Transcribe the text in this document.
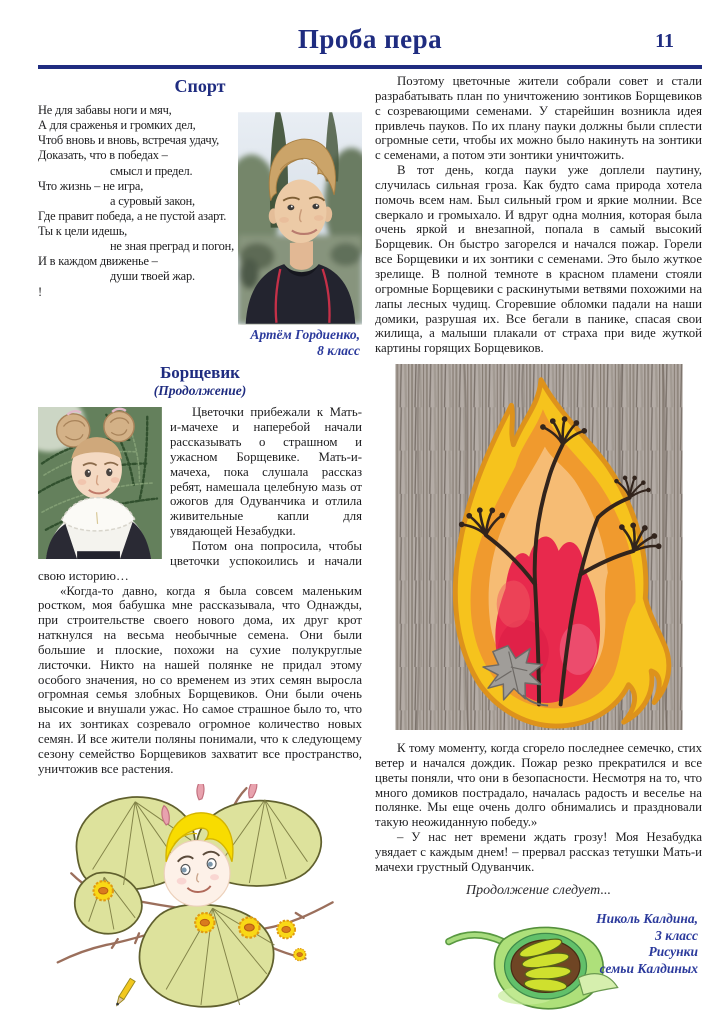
Проба пера	11
Спорт
Не для забавы ноги и мяч,
А для сраженья и громких дел,
Чтоб вновь и вновь, встречая удачу,
Доказать, что в победах –
смысл и предел.
Что жизнь – не игра,
а суровый закон,
Где правит победа, а не пустой азарт.
Ты к цели идешь,
не зная преград и погон,
И в каждом движенье –
души твоей жар.
!
Артём Гордиенко,
8 класс
Борщевик
(Продолжение)
Цветочки прибежали к Мать-и-мачехе и наперебой начали рассказывать о страшном и ужасном Борщевике. Мать-и-мачеха, пока слушала рассказ ребят, намешала целебную мазь от ожогов для Одуванчика и отлила живительные капли для увядающей Незабудки.
Потом она попросила, чтобы цветочки успокоились и начали свою историю…
«Когда-то давно, когда я была совсем маленьким ростком, моя бабушка мне рассказывала, что Однажды, при строительстве своего нового дома, их друг крот наткнулся на весьма необычные семена. Они были большие и плоские, похожи на сухие полукруглые листочки. Никто на нашей полянке не придал этому особого значения, но со временем из этих семян выросла огромная семья злобных Борщевиков. Они были очень высокие и внушали ужас. Но самое страшное было то, что на их зонтиках созревало огромное количество новых семян. И все жители поляны понимали, что к следующему сезону семейство Борщевиков захватит все пространство, уничтожив все растения.
Поэтому цветочные жители собрали совет и стали разрабатывать план по уничтожению зонтиков Борщевиков с созревающими семенами. У старейшин возникла идея привлечь пауков. По их плану пауки должны были сплести огромные сети, чтобы их можно было накинуть на зонтики с семенами, а потом эти зонтики уничтожить.
В тот день, когда пауки уже доплели паутину, случилась сильная гроза. Как будто сама природа хотела помочь всем нам. Был сильный гром и яркие молнии. Все сверкало и громыхало. И вдруг одна молния, которая была очень яркой и внезапной, попала в самый высокий Борщевик. Он быстро загорелся и начался пожар. Горели все Борщевики и их зонтики с семенами. Это было жуткое зрелище. В полной темноте в красном пламени стояли огромные Борщевики с раскинутыми ветвями похожими на лапы лесных чудищ. Сгоревшие обломки падали на наши домики, разрушая их. Все бегали в панике, спасая свои жилища, а малыши плакали от страха при виде жуткой картины горящих Борщевиков.
К тому моменту, когда сгорело последнее семечко, стих ветер и начался дождик. Пожар резко прекратился и все цветы поняли, что они в безопасности. Несмотря на то, что много домиков пострадало, началась радость и веселье на полянке. Мы еще очень долго обнимались и праздновали такую неожиданную победу.»
– У нас нет времени ждать грозу! Моя Незабудка увядает с каждым днем! – прервал рассказ тетушки Мать-и мачехи грустный Одуванчик.
Продолжение следует...
Николь Калдина,
3 класс
Рисунки
семьи Калдиных
